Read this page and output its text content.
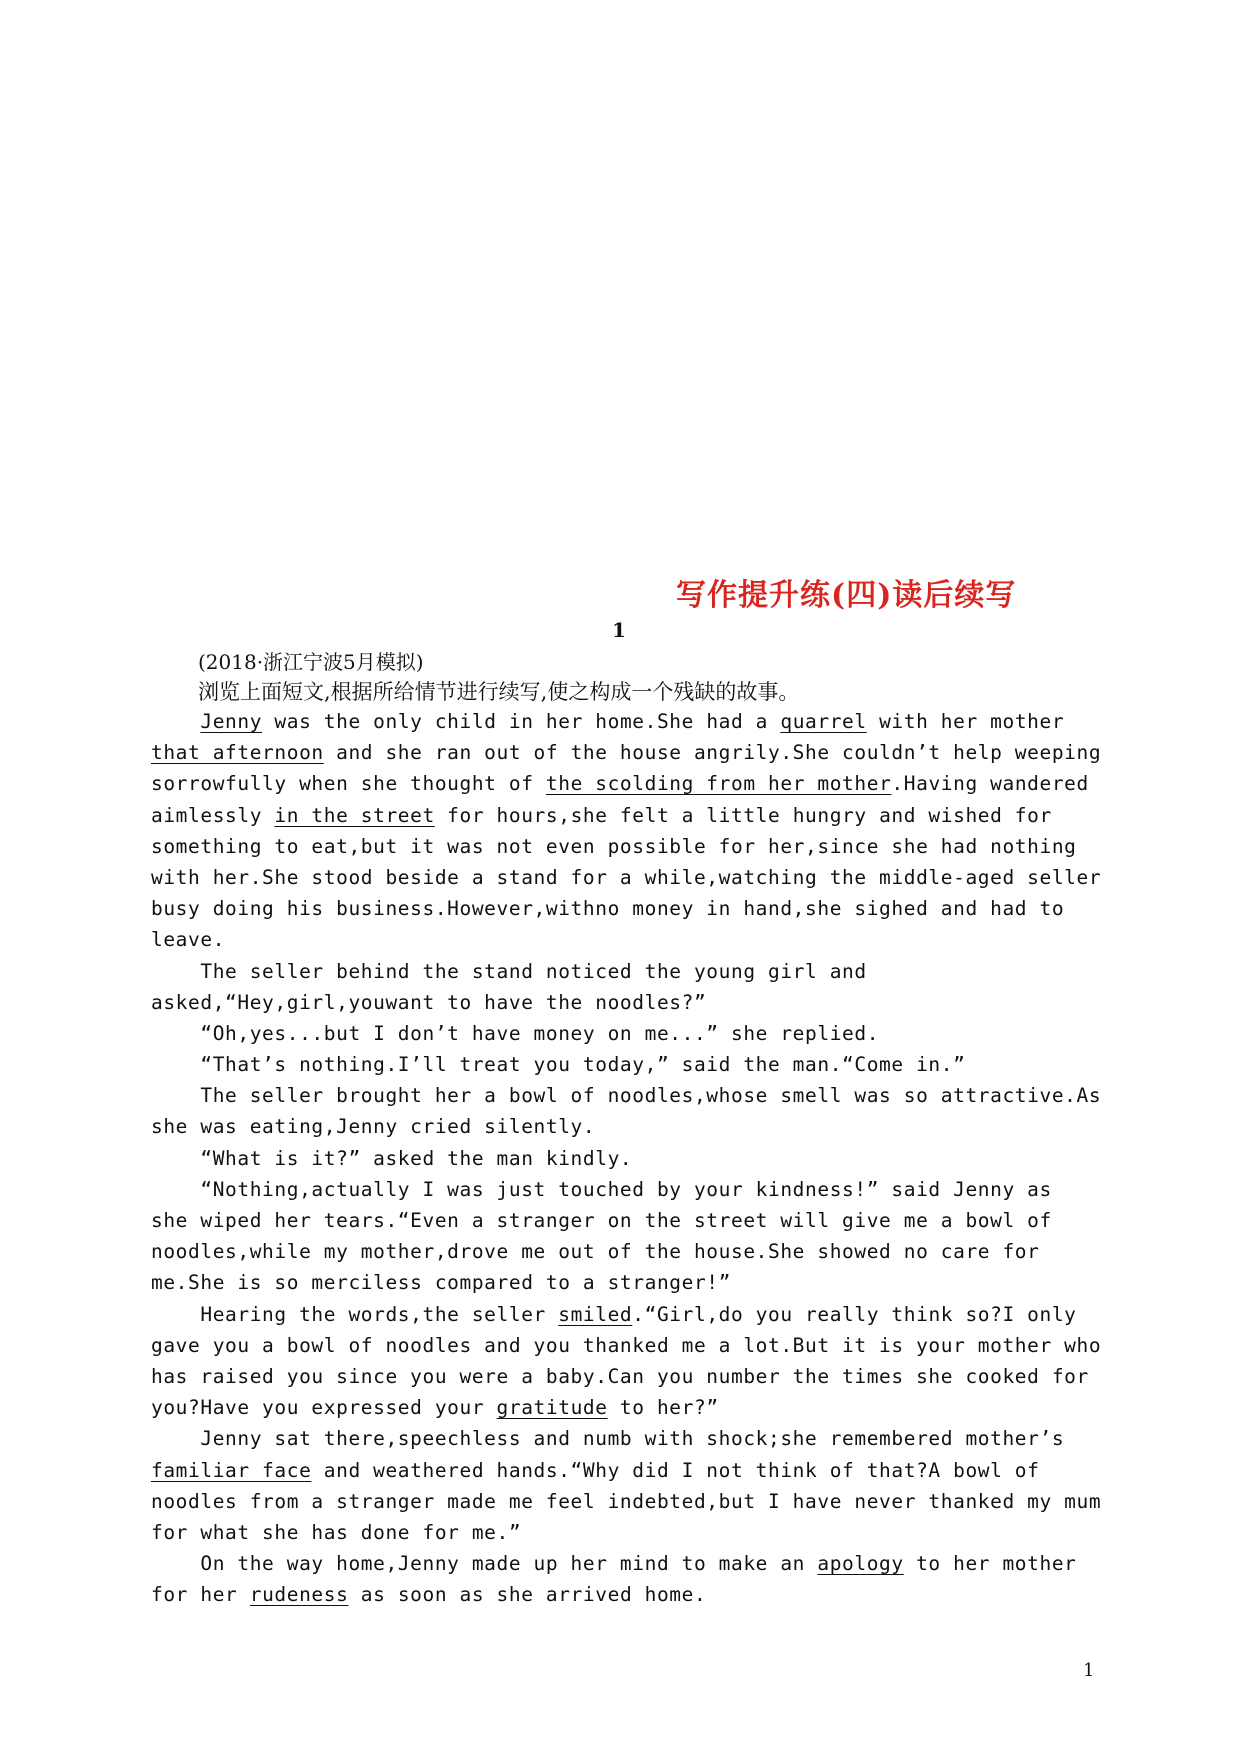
写作提升练(四)读后续写
1
(2018·浙江宁波5月模拟)
浏览上面短文,根据所给情节进行续写,使之构成一个残缺的故事。
Jenny was the only child in her home.She had a quarrel with her mother
that afternoon and she ran out of the house angrily.She couldn’t help weeping
sorrowfully when she thought of the scolding from her mother.Having wandered
aimlessly in the street for hours,she felt a little hungry and wished for
something to eat,but it was not even possible for her,since she had nothing
with her.She stood beside a stand for a while,watching the middle-aged seller
busy doing his business.However,withno money in hand,she sighed and had to
leave.
The seller behind the stand noticed the young girl and
asked,“Hey,girl,youwant to have the noodles?”
“Oh,yes...but I don’t have money on me...” she replied.
“That’s nothing.I’ll treat you today,” said the man.“Come in.”
The seller brought her a bowl of noodles,whose smell was so attractive.As
she was eating,Jenny cried silently.
“What is it?” asked the man kindly.
“Nothing,actually I was just touched by your kindness!” said Jenny as
she wiped her tears.“Even a stranger on the street will give me a bowl of
noodles,while my mother,drove me out of the house.She showed no care for
me.She is so merciless compared to a stranger!”
Hearing the words,the seller smiled.“Girl,do you really think so?I only
gave you a bowl of noodles and you thanked me a lot.But it is your mother who
has raised you since you were a baby.Can you number the times she cooked for
you?Have you expressed your gratitude to her?”
Jenny sat there,speechless and numb with shock;she remembered mother’s
familiar face and weathered hands.“Why did I not think of that?A bowl of
noodles from a stranger made me feel indebted,but I have never thanked my mum
for what she has done for me.”
On the way home,Jenny made up her mind to make an apology to her mother
for her rudeness as soon as she arrived home.
1
